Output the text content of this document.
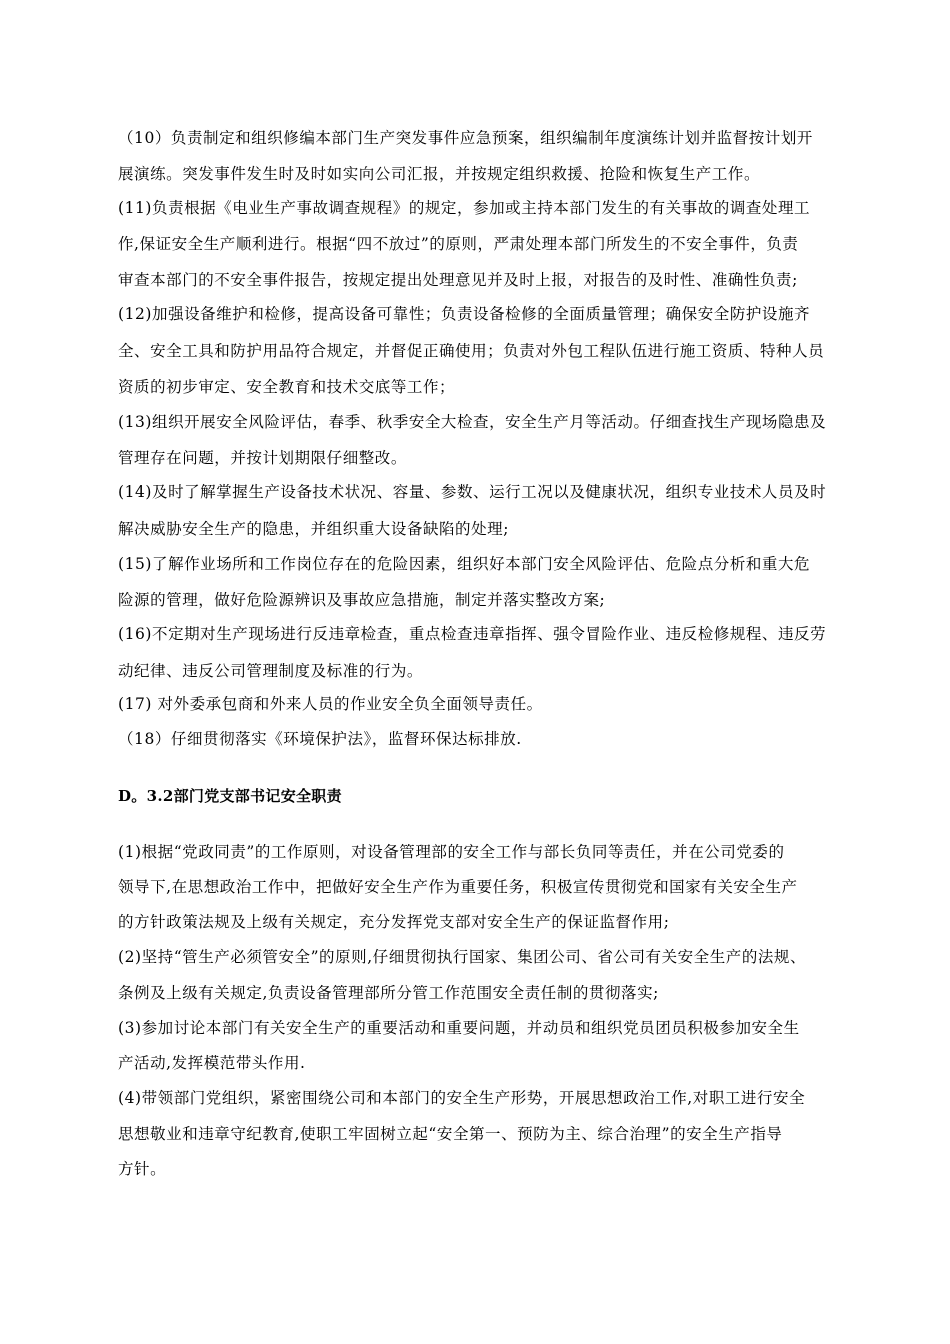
（10）负责制定和组织修编本部门生产突发事件应急预案，组织编制年度演练计划并监督按计划开
展演练。突发事件发生时及时如实向公司汇报，并按规定组织救援、抢险和恢复生产工作。
(11)负责根据《电业生产事故调查规程》的规定，参加或主持本部门发生的有关事故的调查处理工
作,保证安全生产顺利进行。根据“四不放过”的原则，严肃处理本部门所发生的不安全事件，负责
审查本部门的不安全事件报告，按规定提出处理意见并及时上报，对报告的及时性、准确性负责;
(12)加强设备维护和检修，提高设备可靠性；负责设备检修的全面质量管理；确保安全防护设施齐
全、安全工具和防护用品符合规定，并督促正确使用；负责对外包工程队伍进行施工资质、特种人员
资质的初步审定、安全教育和技术交底等工作；
(13)组织开展安全风险评估，春季、秋季安全大检查，安全生产月等活动。仔细查找生产现场隐患及
管理存在问题，并按计划期限仔细整改。
(14)及时了解掌握生产设备技术状况、容量、参数、运行工况以及健康状况，组织专业技术人员及时
解决威胁安全生产的隐患，并组织重大设备缺陷的处理;
(15)了解作业场所和工作岗位存在的危险因素，组织好本部门安全风险评估、危险点分析和重大危
险源的管理，做好危险源辨识及事故应急措施，制定并落实整改方案;
(16)不定期对生产现场进行反违章检查，重点检查违章指挥、强令冒险作业、违反检修规程、违反劳
动纪律、违反公司管理制度及标准的行为。
(17) 对外委承包商和外来人员的作业安全负全面领导责任。
（18）仔细贯彻落实《环境保护法》，监督环保达标排放.
D。3.2部门党支部书记安全职责
(1)根据“党政同责”的工作原则，对设备管理部的安全工作与部长负同等责任，并在公司党委的
领导下,在思想政治工作中，把做好安全生产作为重要任务，积极宣传贯彻党和国家有关安全生产
的方针政策法规及上级有关规定，充分发挥党支部对安全生产的保证监督作用;
(2)坚持“管生产必须管安全”的原则,仔细贯彻执行国家、集团公司、省公司有关安全生产的法规、
条例及上级有关规定,负责设备管理部所分管工作范围安全责任制的贯彻落实;
(3)参加讨论本部门有关安全生产的重要活动和重要问题，并动员和组织党员团员积极参加安全生
产活动,发挥模范带头作用.
(4)带领部门党组织，紧密围绕公司和本部门的安全生产形势，开展思想政治工作,对职工进行安全
思想敬业和违章守纪教育,使职工牢固树立起“安全第一、预防为主、综合治理”的安全生产指导
方针。
